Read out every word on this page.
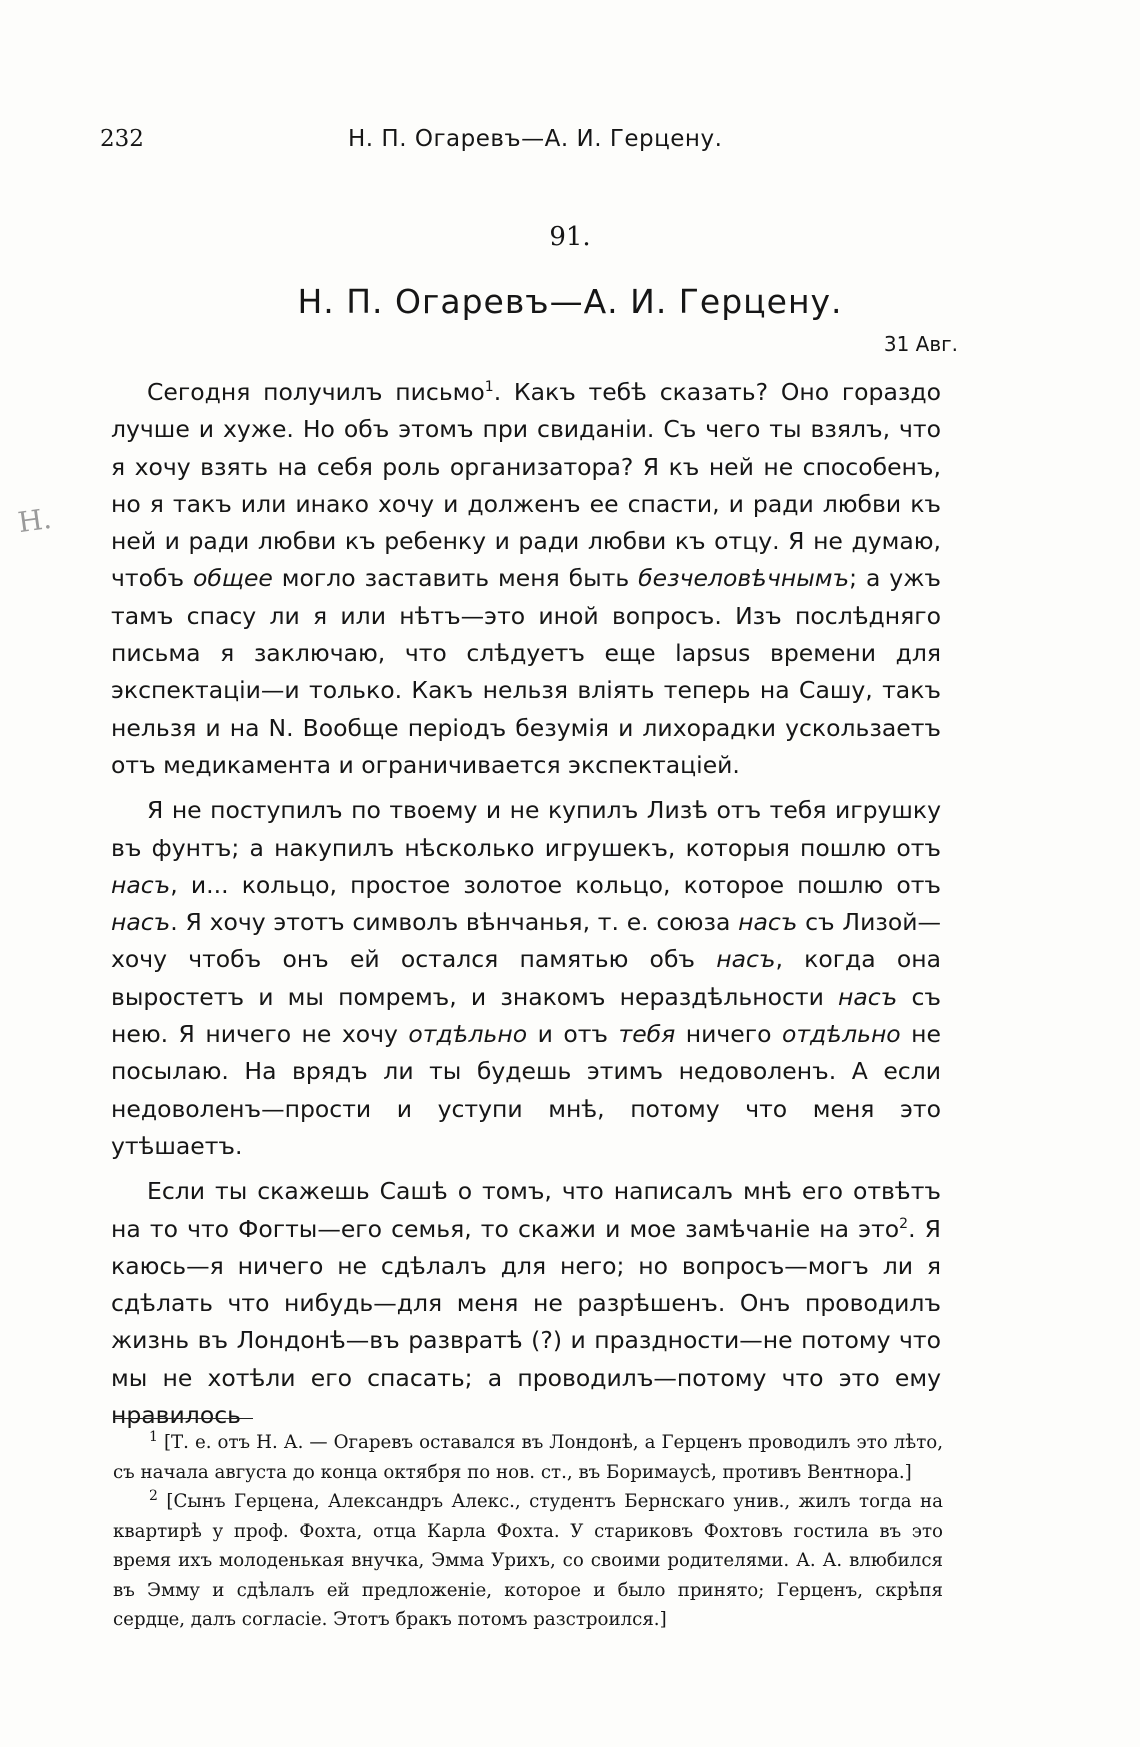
232	Н. П. Огаревъ—А. И. Герцену.
91.
Н. П. Огаревъ—А. И. Герцену.
31 Авг.
Н.

Сегодня получилъ письмо$^1$. Какъ тебѣ сказать? Оно гораздо лучше и хуже. Но объ этомъ при свиданіи. Съ чего ты взялъ, что я хочу взять на себя роль организатора? Я къ ней не способенъ, но я такъ или инако хочу и долженъ ее спасти, и ради любви къ ней и ради любви къ ребенку и ради любви къ отцу. Я не думаю, чтобъ общее могло заставить меня быть безчеловѣчнымъ; а ужъ тамъ спасу ли я или нѣтъ—это иной вопросъ. Изъ послѣдняго письма я заключаю, что слѣдуетъ еще lapsus времени для экспектаціи—и только. Какъ нельзя вліять теперь на Сашу, такъ нельзя и на N. Вообще періодъ безумія и лихорадки ускользаетъ отъ медикамента и ограничивается экспектаціей.

Я не поступилъ по твоему и не купилъ Лизѣ отъ тебя игрушку въ фунтъ; а накупилъ нѣсколько игрушекъ, которыя пошлю отъ насъ, и... кольцо, простое золотое кольцо, которое пошлю отъ насъ. Я хочу этотъ символъ вѣнчанья, т. е. союза насъ съ Лизой—хочу чтобъ онъ ей остался памятью объ насъ, когда она выростетъ и мы помремъ, и знакомъ нераздѣльности насъ съ нею. Я ничего не хочу отдѣльно и отъ тебя ничего отдѣльно не посылаю. На врядъ ли ты будешь этимъ недоволенъ. А если недоволенъ—прости и уступи мнѣ, потому что меня это утѣшаетъ.

Если ты скажешь Сашѣ о томъ, что написалъ мнѣ его отвѣтъ на то что Фогты—его семья, то скажи и мое замѣчаніе на это$^2$. Я каюсь—я ничего не сдѣлалъ для него; но вопросъ—могъ ли я сдѣлать что нибудь—для меня не разрѣшенъ. Онъ проводилъ жизнь въ Лондонѣ—въ развратѣ (?) и праздности—не потому что мы не хотѣли его спасать; а проводилъ—потому что это ему нравилось

$^1$ [Т. е. отъ Н. А. — Огаревъ оставался въ Лондонѣ, а Герценъ проводилъ это лѣто, съ начала августа до конца октября по нов. ст., въ Боримаусѣ, противъ Вентнора.]

$^2$ [Сынъ Герцена, Александръ Алекс., студентъ Бернскаго унив., жилъ тогда на квартирѣ у проф. Фохта, отца Карла Фохта. У стариковъ Фохтовъ гостила въ это время ихъ молоденькая внучка, Эмма Урихъ, со своими родителями. А. А. влюбился въ Эмму и сдѣлалъ ей предложеніе, которое и было принято; Герценъ, скрѣпя сердце, далъ согласіе. Этотъ бракъ потомъ разстроился.]
